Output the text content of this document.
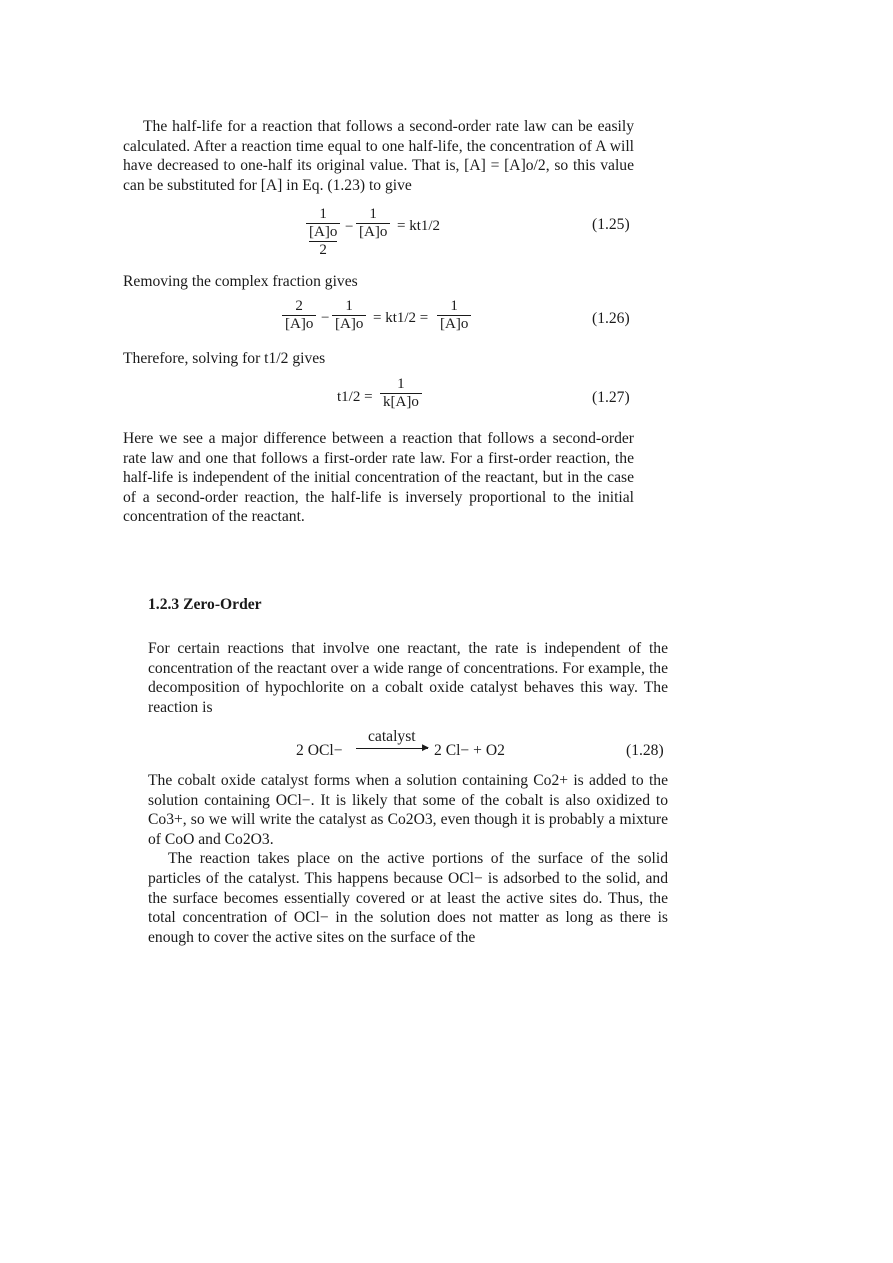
The half-life for a reaction that follows a second-order rate law can be easily calculated. After a reaction time equal to one half-life, the concentration of A will have decreased to one-half its original value. That is, [A] = [A]o/2, so this value can be substituted for [A] in Eq. (1.23) to give

1
[A]o
$2 - \frac{1}{[A]o} = kt1/2$	(1.25)
Removing the complex fraction gives
$\frac{2}{[A]o} - \frac{1}{[A]o} = kt1/2 = \frac{1}{[A]o}$	(1.26)
Therefore, solving for t1/2 gives
$t1/2 = \frac{1}{k[A]o}$	(1.27)

Here we see a major difference between a reaction that follows a second-order rate law and one that follows a first-order rate law. For a first-order reaction, the half-life is independent of the initial concentration of the reactant, but in the case of a second-order reaction, the half-life is inversely proportional to the initial concentration of the reactant.

1.2.3 Zero-Order

For certain reactions that involve one reactant, the rate is independent of the concentration of the reactant over a wide range of concentrations. For example, the decomposition of hypochlorite on a cobalt oxide catalyst behaves this way. The reaction is

2 OCl−
catalyst
▶ 2 Cl− + O2	(1.28)

The cobalt oxide catalyst forms when a solution containing Co2+ is added to the solution containing OCl−. It is likely that some of the cobalt is also oxidized to Co3+, so we will write the catalyst as Co2O3, even though it is probably a mixture of CoO and Co2O3.

The reaction takes place on the active portions of the surface of the solid particles of the catalyst. This happens because OCl− is adsorbed to the solid, and the surface becomes essentially covered or at least the active sites do. Thus, the total concentration of OCl− in the solution does not matter as long as there is enough to cover the active sites on the surface of the
